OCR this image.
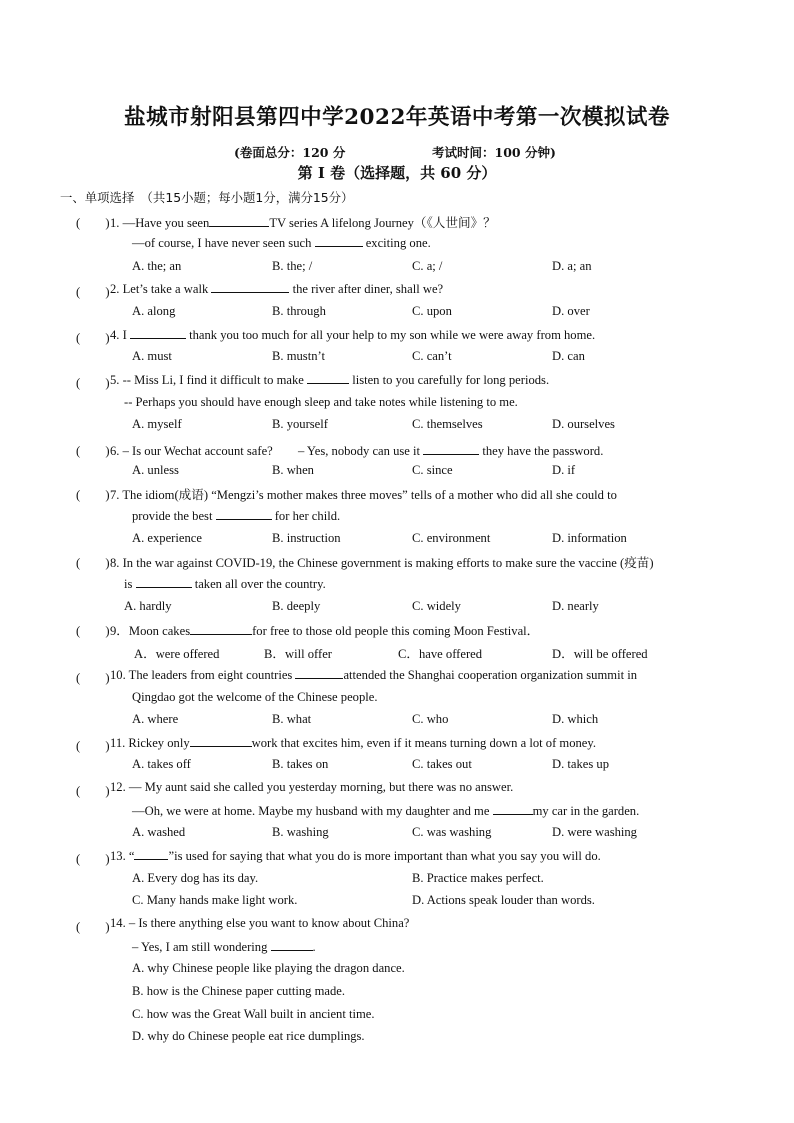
盐城市射阳县第四中学2022年英语中考第一次模拟试卷
(卷面总分：120 分	考试时间：100 分钟)
第 I 卷（选择题，共 60 分）
一、单项选择　（共15小题；每小题1分，满分15分）
(　　) 1. —Have you seen	TV series A lifelong Journey（《人世间》？
—of course, I have never seen such	exciting one.
A. the; an	B. the; /	C. a; /	D. a; an
(　　) 2. Let’s take a walk	the river after diner, shall we?
A. along	B. through	C. upon	D. over
(　　) 4. I	thank you too much for all your help to my son while we were away from home.
A. must	B. mustn’t	C. can’t	D. can
(　　) 5. -- Miss Li, I find it difficult to make	listen to you carefully for long periods.
-- Perhaps you should have enough sleep and take notes while listening to me.
A. myself	B. yourself	C. themselves	D. ourselves
(　　) 6. – Is our Wechat account safe?　　– Yes, nobody can use it	they have the password.
A. unless	B. when	C. since	D. if
(　　) 7. The idiom(成语) “Mengzi’s mother makes three moves” tells of a mother who did all she could to
provide the best	for her child.
A. experience	B. instruction	C. environment	D. information
(　　) 8. In the war against COVID-19, the Chinese government is making efforts to make sure the vaccine (疫苗)
is	taken all over the country.
A. hardly	B. deeply	C. widely	D. nearly
(　　) 9．Moon cakes	for free to those old people this coming Moon Festival．
A．were offered	B．will offer	C．have offered	D．will be offered
(　　) 10. The leaders from eight countries	attended the Shanghai cooperation organization summit in
Qingdao got the welcome of the Chinese people.
A. where	B. what	C. who	D. which
(　　) 11. Rickey only	work that excites him, even if it means turning down a lot of money.
A. takes off	B. takes on	C. takes out	D. takes up
(　　) 12. — My aunt said she called you yesterday morning, but there was no answer.
—Oh, we were at home. Maybe my husband with my daughter and me	my car in the garden.
A. washed	B. washing	C. was washing	D. were washing
(　　) 13. “	”is used for saying that what you do is more important than what you say you will do.
A. Every dog has its day.	B. Practice makes perfect.
C. Many hands make light work.	D. Actions speak louder than words.
(　　) 14. – Is there anything else you want to know about China?
– Yes, I am still wondering	.
A. why Chinese people like playing the dragon dance.
B. how is the Chinese paper cutting made.
C. how was the Great Wall built in ancient time.
D. why do Chinese people eat rice dumplings.
